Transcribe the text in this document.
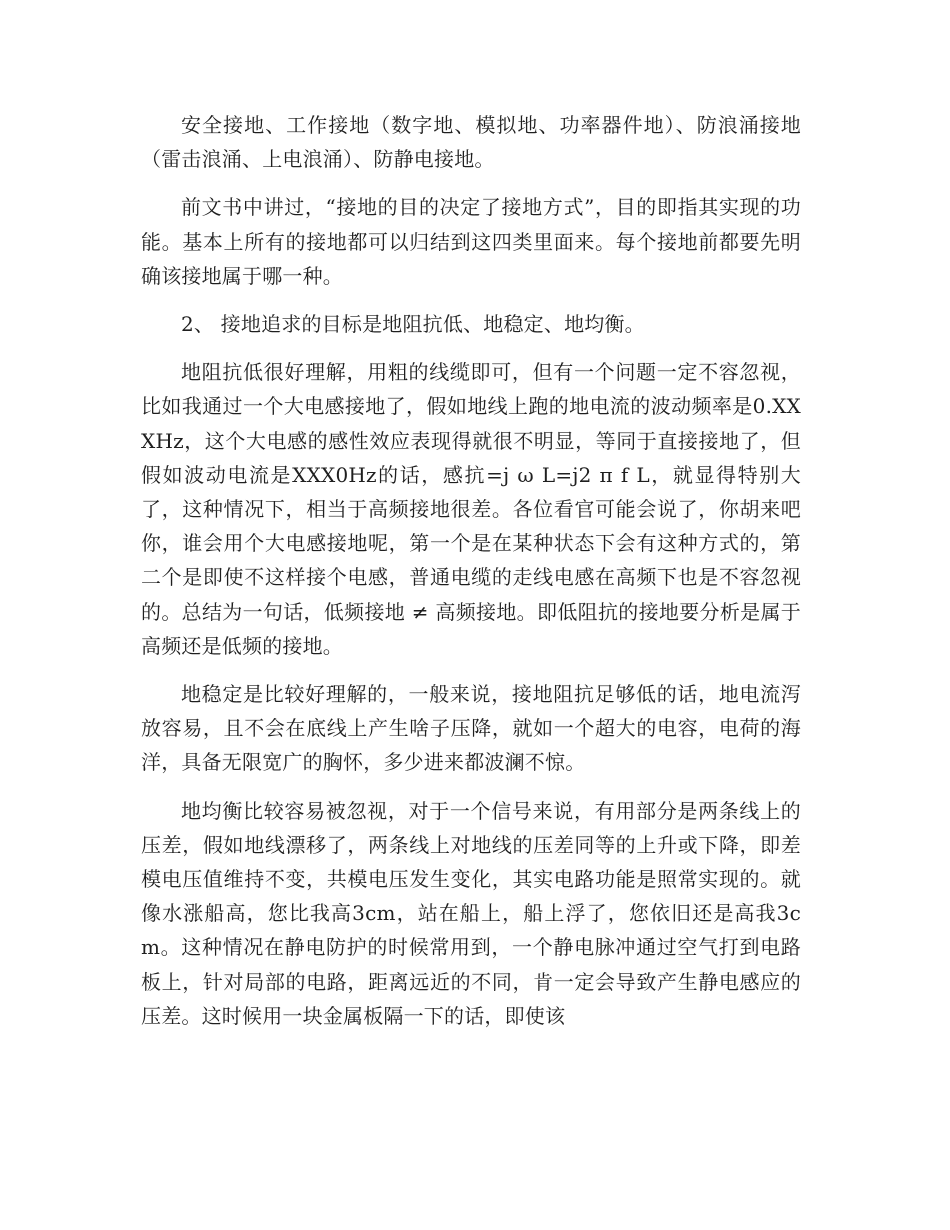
安全接地、工作接地（数字地、模拟地、功率器件地）、防浪涌接地（雷击浪涌、上电浪涌）、防静电接地。

前文书中讲过，“接地的目的决定了接地方式”，目的即指其实现的功能。基本上所有的接地都可以归结到这四类里面来。每个接地前都要先明确该接地属于哪一种。

2、 接地追求的目标是地阻抗低、地稳定、地均衡。

地阻抗低很好理解，用粗的线缆即可，但有一个问题一定不容忽视，比如我通过一个大电感接地了，假如地线上跑的地电流的波动频率是0.XXXHz，这个大电感的感性效应表现得就很不明显，等同于直接接地了，但假如波动电流是XXX0Hz的话，感抗=j ω L=j2 π f L，就显得特别大了，这种情况下，相当于高频接地很差。各位看官可能会说了，你胡来吧你，谁会用个大电感接地呢，第一个是在某种状态下会有这种方式的，第二个是即使不这样接个电感，普通电缆的走线电感在高频下也是不容忽视的。总结为一句话，低频接地 ≠ 高频接地。即低阻抗的接地要分析是属于高频还是低频的接地。

地稳定是比较好理解的，一般来说，接地阻抗足够低的话，地电流泻放容易，且不会在底线上产生啥子压降，就如一个超大的电容，电荷的海洋，具备无限宽广的胸怀，多少进来都波澜不惊。

地均衡比较容易被忽视，对于一个信号来说，有用部分是两条线上的压差，假如地线漂移了，两条线上对地线的压差同等的上升或下降，即差模电压值维持不变，共模电压发生变化，其实电路功能是照常实现的。就像水涨船高，您比我高3cm，站在船上，船上浮了，您依旧还是高我3cm。这种情况在静电防护的时候常用到，一个静电脉冲通过空气打到电路板上，针对局部的电路，距离远近的不同，肯一定会导致产生静电感应的压差。这时候用一块金属板隔一下的话，即使该
